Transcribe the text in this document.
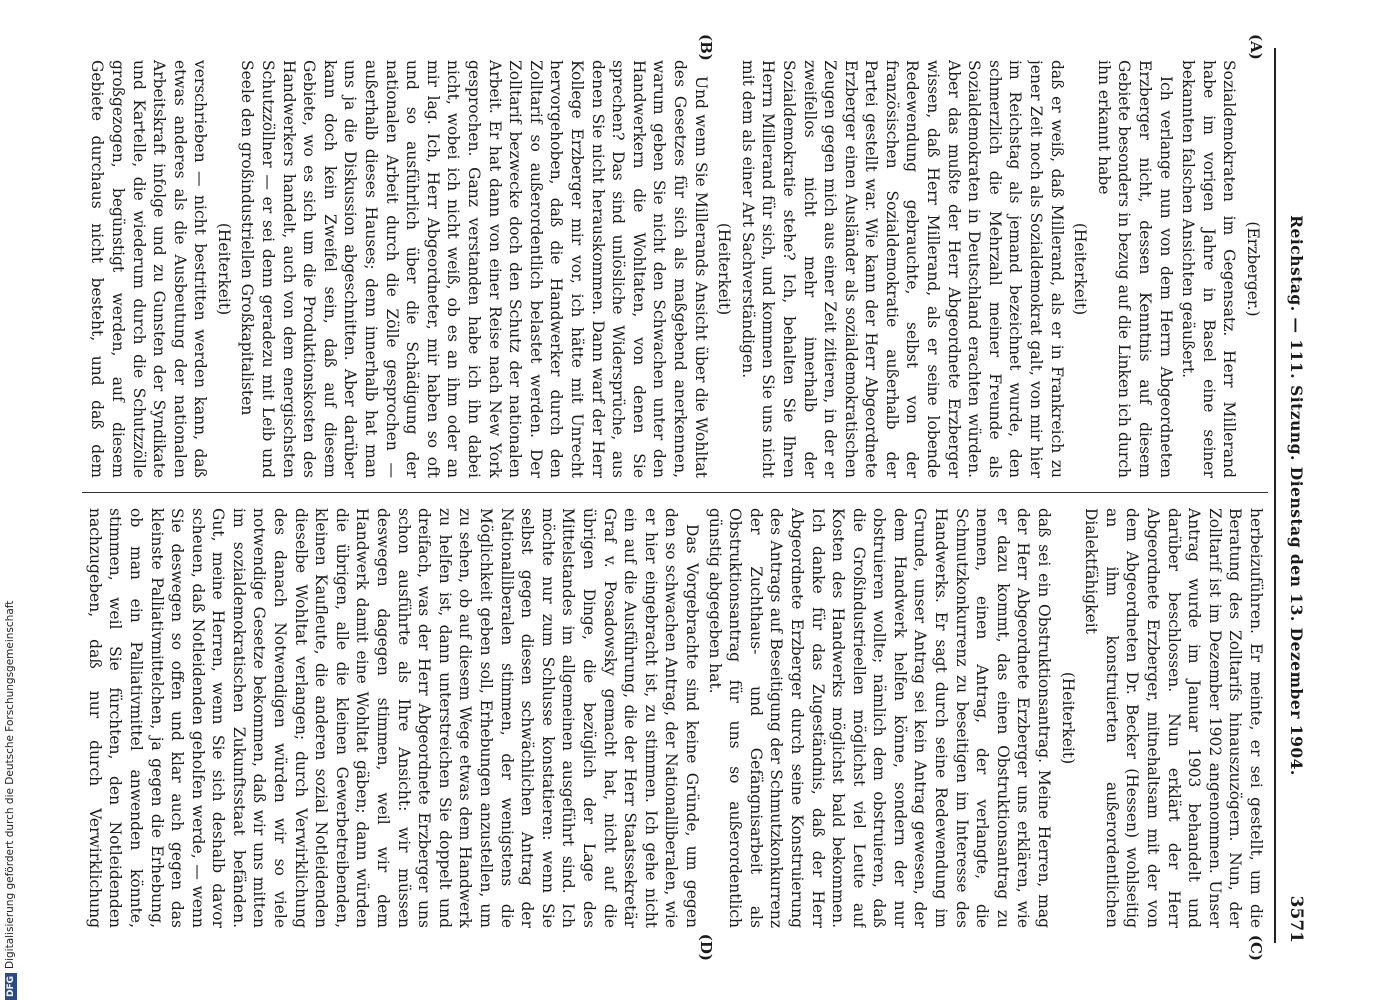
DFGDigitalisierung gefördert durch die Deutsche Forschungsgemeinschaft
Reichstag. — 111. Sitzung. Dienstag den 13. Dezember 1904.
3571
(A)
(B)
(C)
(D)

(Erzberger.)

Sozialdemokraten im Gegensatz. Herr Millerand habe im vorigen Jahre in Basel eine seiner bekannten falschen Ansichten geäußert.

Ich verlange nun von dem Herrn Abgeordneten Erzberger nicht, dessen Kenntnis auf diesem Gebiete besonders in bezug auf die Linken ich durch ihn erkannt habe

(Heiterkeit)

daß er weiß, daß Millerand, als er in Frankreich zu jener Zeit noch als Sozialdemokrat galt, von mir hier im Reichstag als jemand bezeichnet wurde, den schmerzlich die Mehrzahl meiner Freunde als Sozialdemokraten in Deutschland erachten würden. Aber das mußte der Herr Abgeordnete Erzberger wissen, daß Herr Millerand, als er seine lobende Redewendung gebrauchte, selbst von der französischen Sozialdemokratie außerhalb der Partei gestellt war. Wie kann der Herr Abgeordnete Erzberger einen Ausländer als sozialdemokratischen Zeugen gegen mich aus einer Zeit zitieren, in der er zweifellos nicht mehr innerhalb der Sozialdemokratie stehe? Ich, behalten Sie Ihren Herrn Millerand für sich, und kommen Sie uns nicht mit dem als einer Art Sachverständigen.

(Heiterkeit)

Und wenn Sie Millerands Ansicht über die Wohltat des Gesetzes für sich als maßgebend anerkennen, warum geben Sie nicht den Schwachen unter den Handwerkern die Wohltaten, von denen Sie sprechen? Das sind unlösliche Widersprüche, aus denen Sie nicht herauskommen. Dann warf der Herr Kollege Erzberger mir vor, ich hätte mit Unrecht hervorgehoben, daß die Handwerker durch den Zolltarif so außerordentlich belastet werden. Der Zolltarif bezwecke doch den Schutz der nationalen Arbeit. Er hat dann von einer Reise nach New York gesprochen. Ganz verstanden habe ich ihn dabei nicht, wobei ich nicht weiß, ob es an ihm oder an mir lag. Ich, Herr Abgeordneter, mir haben so oft und so ausführlich über die Schädigung der nationalen Arbeit durch die Zölle gesprochen — außerhalb dieses Hauses; denn innerhalb hat man uns ja die Diskussion abgeschnitten. Aber darüber kann doch kein Zweifel sein, daß auf diesem Gebiete, wo es sich um die Produktionskosten des Handwerkers handelt, auch von dem energischsten Schutzzöllner — er sei denn geradezu mit Leib und Seele den großindustriellen Großkapitalisten

(Heiterkeit)

verschrieben — nicht bestritten werden kann, daß etwas anderes als die Ausbeutung der nationalen Arbeitskraft infolge und zu Gunsten der Syndikate und Kartelle, die wiederum durch die Schutzzölle großgezogen, begünstigt werden, auf diesem Gebiete durchaus nicht besteht, und daß dem

herbeizuführen. Er meinte, er sei gestellt, um die Beratung des Zolltarifs hinauszuzögern. Nun, der Zolltarif ist im Dezember 1902 angenommen. Unser Antrag wurde im Januar 1903 behandelt und darüber beschlossen. Nun erklärt der Herr Abgeordnete Erzberger, mitnehaltsam mit der von dem Abgeordneten Dr. Becker (Hessen) wohlseitig an ihm konstruierten außerordentlichen Dialektfähigkeit

(Heiterkeit)

daß sei ein Obstruktionsantrag. Meine Herren, mag der Herr Abgeordnete Erzberger uns erklären, wie er dazu kommt, das einen Obstruktionsantrag zu nennen, einen Antrag, der verlangte, die Schmutzkonkurrenz zu beseitigen im Interesse des Handwerks. Er sagt durch seine Redewendung im Grunde, unser Antrag sei kein Antrag gewesen, der dem Handwerk helfen könne, sondern der nur obstruieren wollte; nämlich dem obstruieren, daß die Großindustrieellen möglichst viel Leute auf Kosten des Handwerks möglichst bald bekommen. Ich danke für das Zugeständnis, daß der Herr Abgeordnete Erzberger durch seine Konstruierung des Antrags auf Beseitigung der Schmutzkonkurrenz der Zuchthaus- und Gefängnisarbeit als Obstruktionsantrag für uns so außerordentlich günstig abgegeben hat.

Das Vorgebrachte sind keine Gründe, um gegen den so schwachen Antrag, der Nationalliberalen, wie er hier eingebracht ist, zu stimmen. Ich gehe nicht ein auf die Ausführung, die der Herr Staatssekretär Graf v. Posadowsky gemacht hat, nicht auf die übrigen Dinge, die bezüglich der Lage des Mittelstandes im allgemeinen ausgeführt sind. Ich möchte nur zum Schlusse konstatieren: wenn Sie selbst gegen diesen schwächlichen Antrag der Nationalliberalen stimmen, der wenigstens die Möglichkeit geben soll, Erhebungen anzustellen, um zu sehen, ob auf diesem Wege etwas dem Handwerk zu helfen ist, dann unterstreichen Sie doppelt und dreifach, was der Herr Abgeordnete Erzberger uns schon ausführte als Ihre Ansicht: wir müssen deswegen dagegen stimmen, weil wir dem Handwerk damit eine Wohltat gäben; dann würden die übrigen, alle die kleinen Gewerbetreibenden, kleinen Kaufleute, die anderen sozial Notleidenden dieselbe Wohltat verlangen; durch Verwirklichung des danach Notwendigen würden wir so viele notwendige Gesetze bekommen, daß wir uns mitten im sozialdemokratischen Zukunftsstaat befänden. Gut, meine Herren, wenn Sie sich deshalb davor scheuen, daß Notleidenden geholfen werde, — wenn Sie deswegen so offen und klar auch gegen das kleinste Palliativmittelchen, ja gegen die Erhebung, ob man ein Palliativmittel anwenden könnte, stimmen, weil Sie fürchten, den Notleidenden nachzugeben, daß nur durch Verwirklichung
